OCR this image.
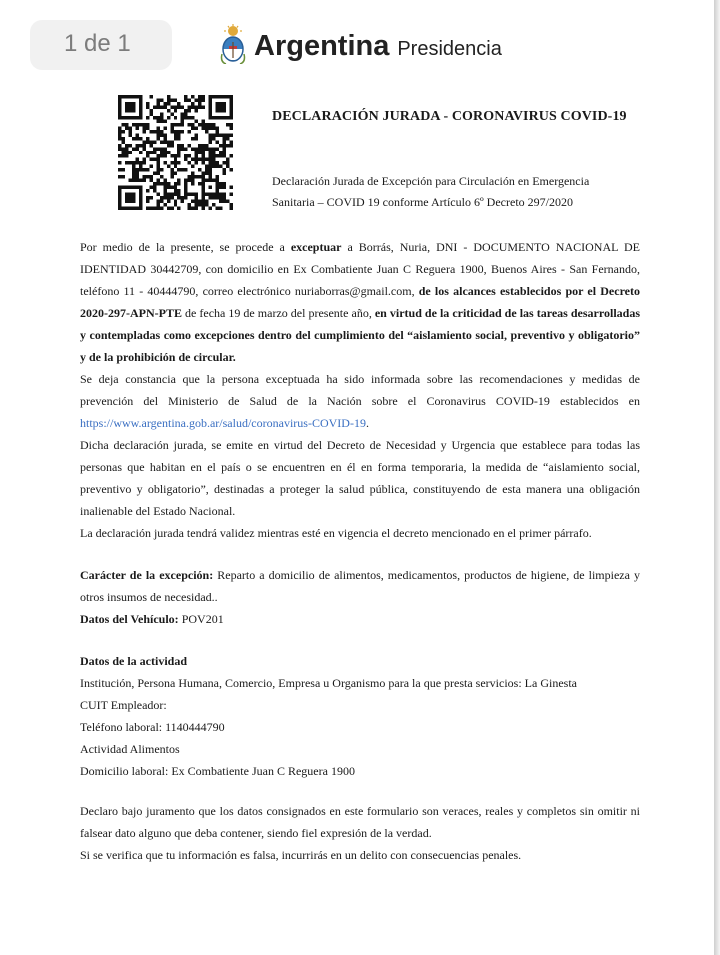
1 de 1	Argentina Presidencia
DECLARACIÓN JURADA - CORONAVIRUS COVID-19
Declaración Jurada de Excepción para Circulación en Emergencia
Sanitaria – COVID 19 conforme Artículo 6º Decreto 297/2020

Por medio de la presente, se procede a exceptuar a Borrás, Nuria, DNI - DOCUMENTO NACIONAL DE IDENTIDAD 30442709, con domicilio en Ex Combatiente Juan C Reguera 1900, Buenos Aires - San Fernando, teléfono 11 - 40444790, correo electrónico nuriaborras@gmail.com, de los alcances establecidos por el Decreto 2020-297-APN-PTE de fecha 19 de marzo del presente año, en virtud de la criticidad de las tareas desarrolladas y contempladas como excepciones dentro del cumplimiento del “aislamiento social, preventivo y obligatorio” y de la prohibición de circular.

Se deja constancia que la persona exceptuada ha sido informada sobre las recomendaciones y medidas de prevención del Ministerio de Salud de la Nación sobre el Coronavirus COVID-19 establecidos en https://www.argentina.gob.ar/salud/coronavirus-COVID-19.

Dicha declaración jurada, se emite en virtud del Decreto de Necesidad y Urgencia que establece para todas las personas que habitan en el país o se encuentren en él en forma temporaria, la medida de “aislamiento social, preventivo y obligatorio”, destinadas a proteger la salud pública, constituyendo de esta manera una obligación inalienable del Estado Nacional.

La declaración jurada tendrá validez mientras esté en vigencia el decreto mencionado en el primer párrafo.

Carácter de la excepción: Reparto a domicilio de alimentos, medicamentos, productos de higiene, de limpieza y otros insumos de necesidad..

Datos del Vehículo: POV201

Datos de la actividad

Institución, Persona Humana, Comercio, Empresa u Organismo para la que presta servicios: La Ginesta

CUIT Empleador:

Teléfono laboral: 1140444790

Actividad Alimentos

Domicilio laboral: Ex Combatiente Juan C Reguera 1900

Declaro bajo juramento que los datos consignados en este formulario son veraces, reales y completos sin omitir ni falsear dato alguno que deba contener, siendo fiel expresión de la verdad.

Si se verifica que tu información es falsa, incurrirás en un delito con consecuencias penales.
